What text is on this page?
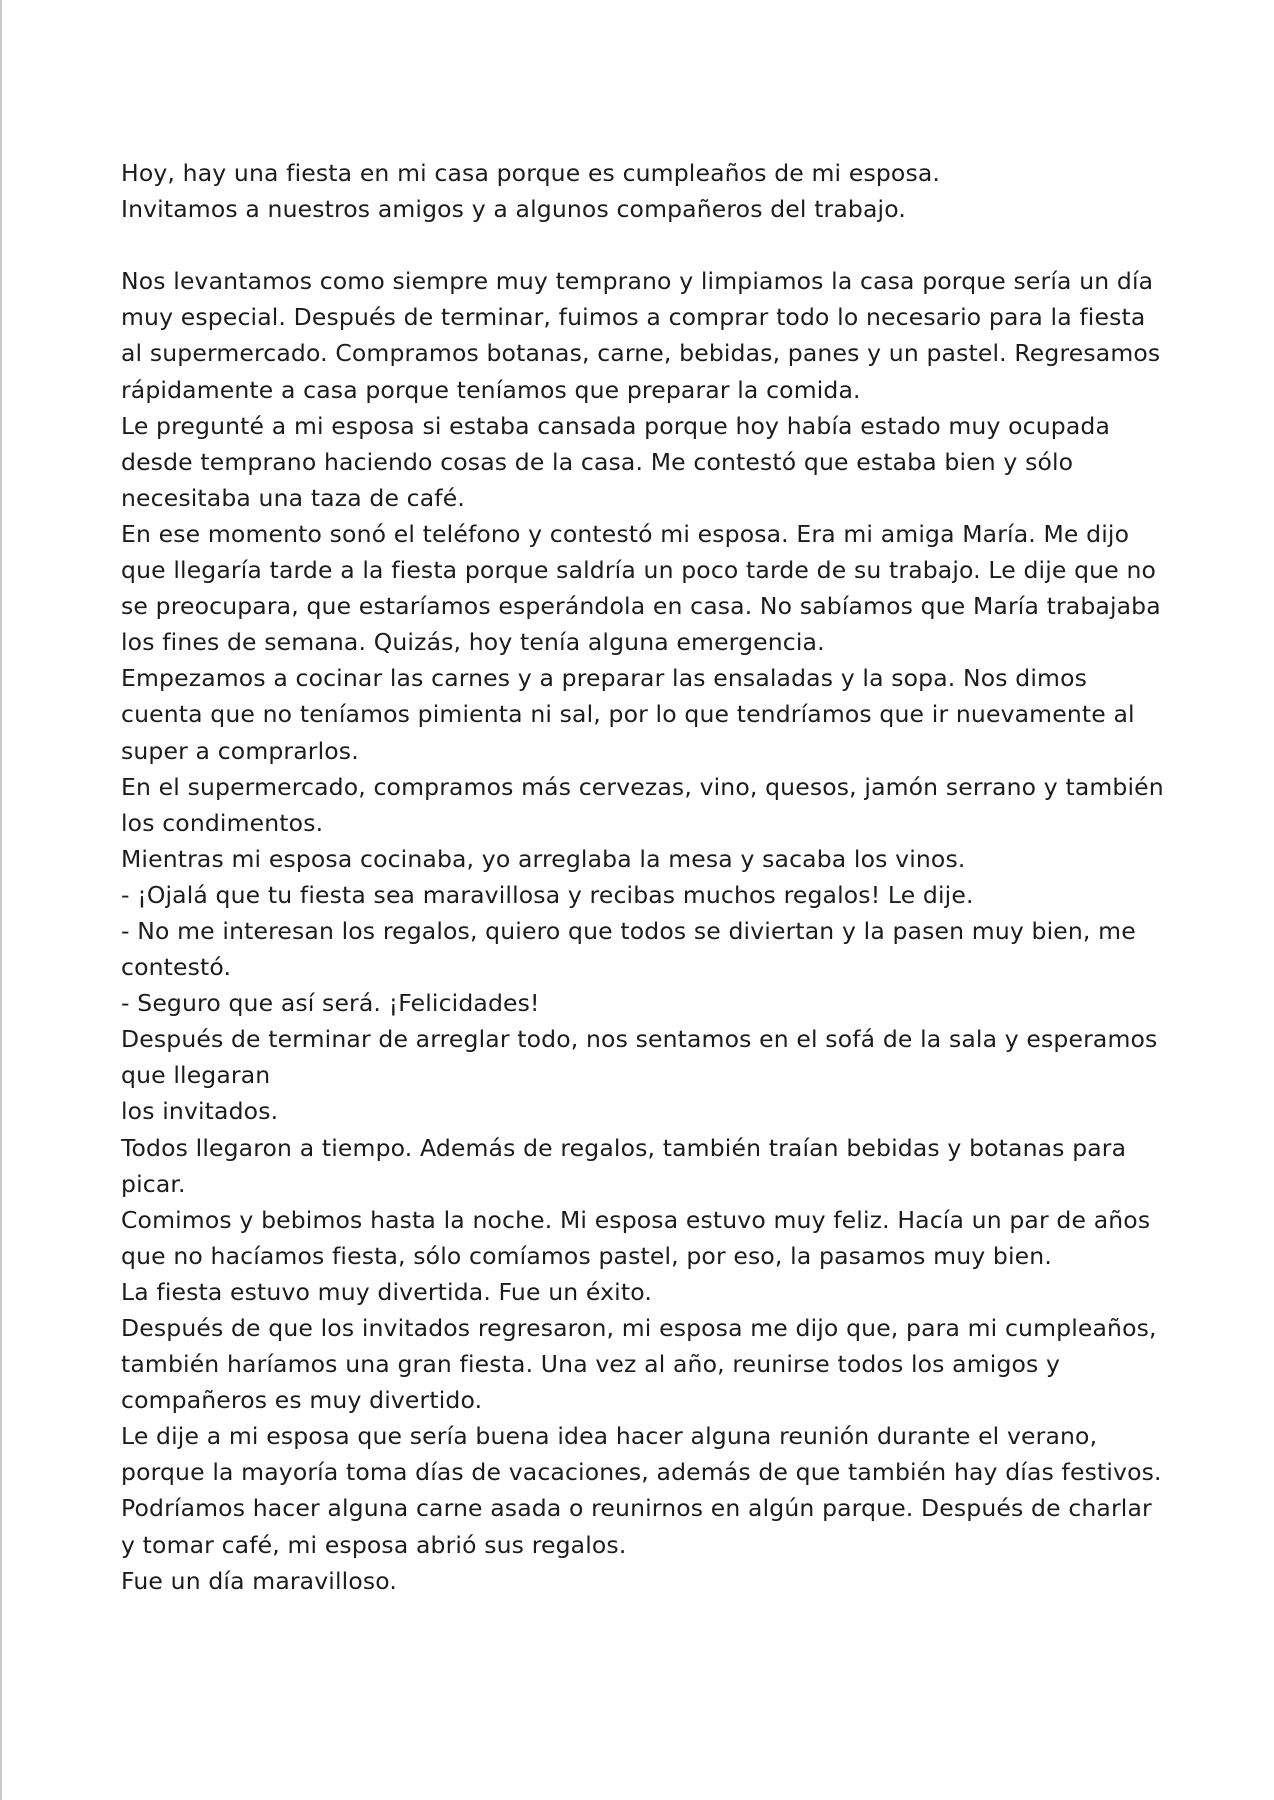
Hoy, hay una fiesta en mi casa porque es cumpleaños de mi esposa.
Invitamos a nuestros amigos y a algunos compañeros del trabajo.
Nos levantamos como siempre muy temprano y limpiamos la casa porque sería un día
muy especial. Después de terminar, fuimos a comprar todo lo necesario para la fiesta
al supermercado. Compramos botanas, carne, bebidas, panes y un pastel. Regresamos
rápidamente a casa porque teníamos que preparar la comida.
Le pregunté a mi esposa si estaba cansada porque hoy había estado muy ocupada
desde temprano haciendo cosas de la casa. Me contestó que estaba bien y sólo
necesitaba una taza de café.
En ese momento sonó el teléfono y contestó mi esposa. Era mi amiga María. Me dijo
que llegaría tarde a la fiesta porque saldría un poco tarde de su trabajo. Le dije que no
se preocupara, que estaríamos esperándola en casa. No sabíamos que María trabajaba
los fines de semana. Quizás, hoy tenía alguna emergencia.
Empezamos a cocinar las carnes y a preparar las ensaladas y la sopa. Nos dimos
cuenta que no teníamos pimienta ni sal, por lo que tendríamos que ir nuevamente al
super a comprarlos.
En el supermercado, compramos más cervezas, vino, quesos, jamón serrano y también
los condimentos.
Mientras mi esposa cocinaba, yo arreglaba la mesa y sacaba los vinos.
- ¡Ojalá que tu fiesta sea maravillosa y recibas muchos regalos! Le dije.
- No me interesan los regalos, quiero que todos se diviertan y la pasen muy bien, me
contestó.
- Seguro que así será. ¡Felicidades!
Después de terminar de arreglar todo, nos sentamos en el sofá de la sala y esperamos
que llegaran
los invitados.
Todos llegaron a tiempo. Además de regalos, también traían bebidas y botanas para
picar.
Comimos y bebimos hasta la noche. Mi esposa estuvo muy feliz. Hacía un par de años
que no hacíamos fiesta, sólo comíamos pastel, por eso, la pasamos muy bien.
La fiesta estuvo muy divertida. Fue un éxito.
Después de que los invitados regresaron, mi esposa me dijo que, para mi cumpleaños,
también haríamos una gran fiesta. Una vez al año, reunirse todos los amigos y
compañeros es muy divertido.
Le dije a mi esposa que sería buena idea hacer alguna reunión durante el verano,
porque la mayoría toma días de vacaciones, además de que también hay días festivos.
Podríamos hacer alguna carne asada o reunirnos en algún parque. Después de charlar
y tomar café, mi esposa abrió sus regalos.
Fue un día maravilloso.
